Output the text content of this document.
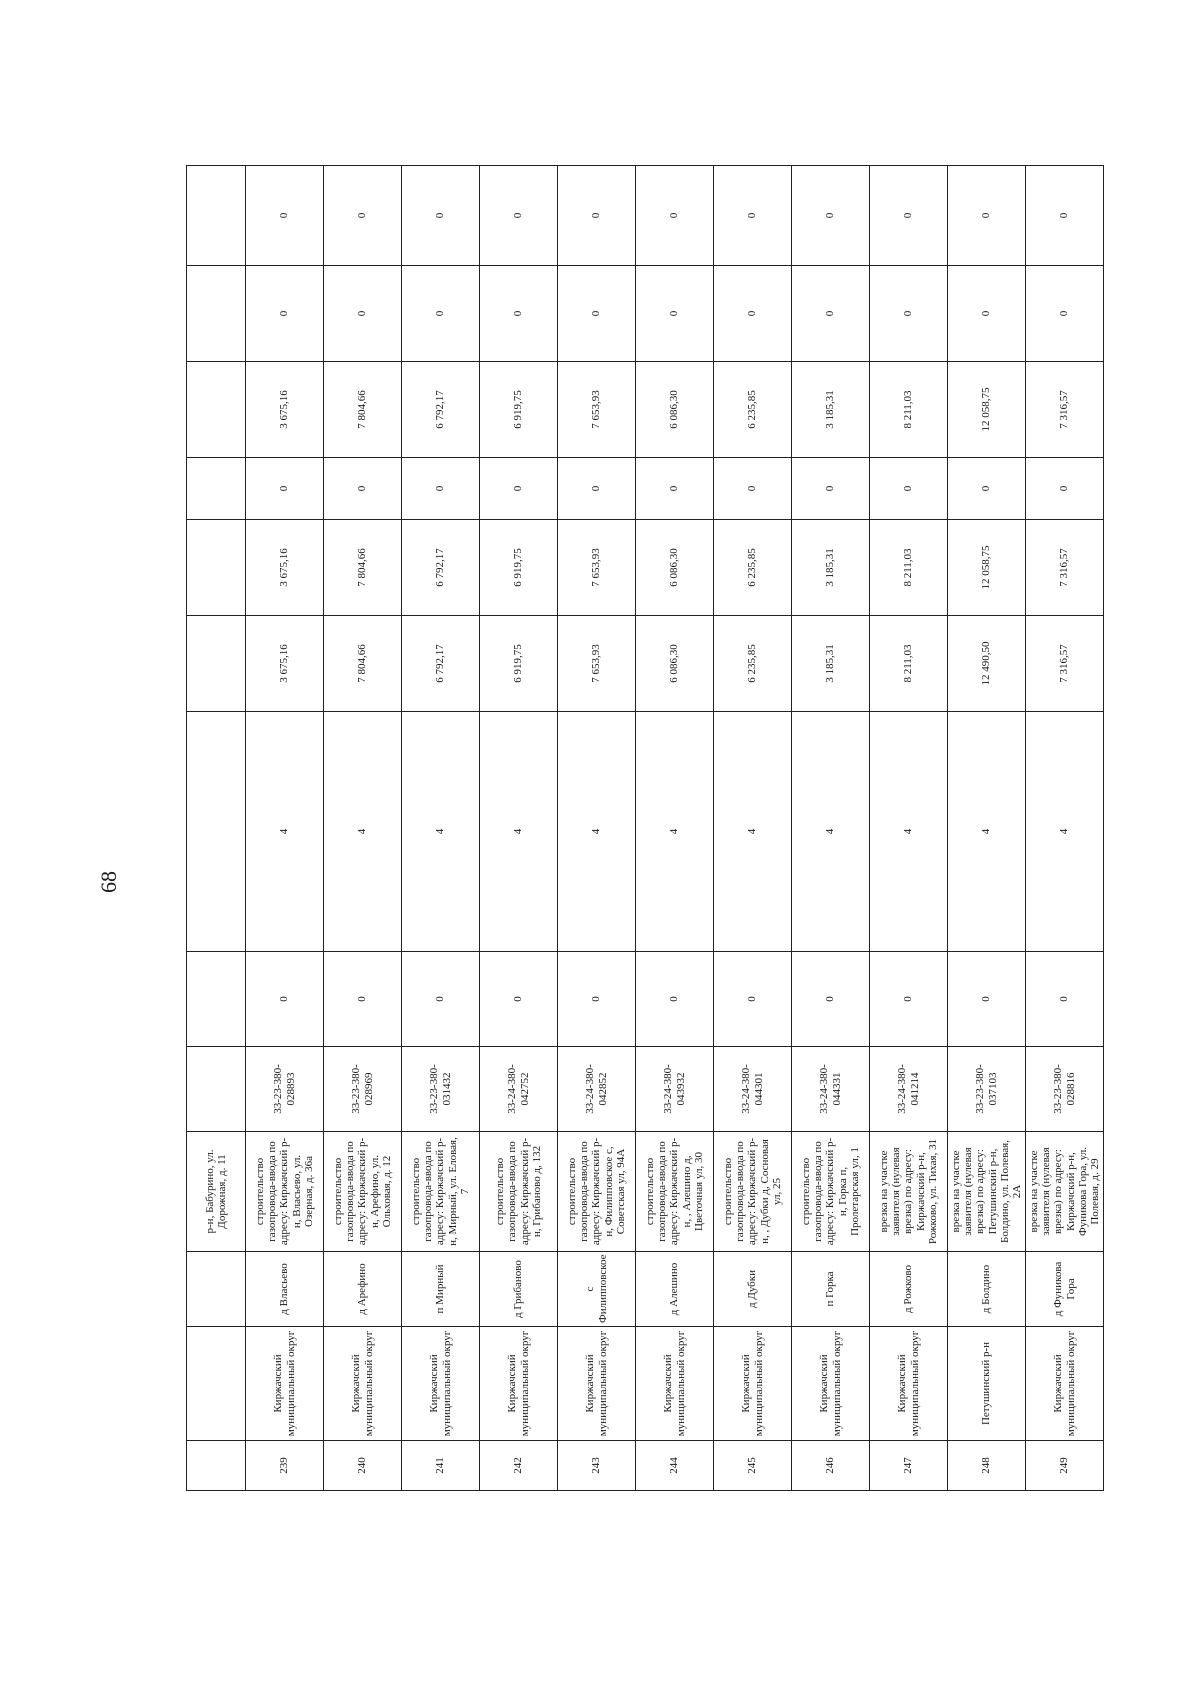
68
			р-н, Бабурино, ул. Дорожная, д. 11									
239	Киржачский муниципальный округ	д Власьево	строительство газопровода-ввода по адресу: Киржачский р-н, Власьево, ул. Озерная, д. 36а	33-23-380-028893	0	4	3 675,16	3 675,16	0	3 675,16	0	0
240	Киржачский муниципальный округ	д Арефино	строительство газопровода-ввода по адресу: Киржачский р-н, Арефино, ул. Ольховая, д. 12	33-23-380-028969	0	4	7 804,66	7 804,66	0	7 804,66	0	0
241	Киржачский муниципальный округ	п Мирный	строительство газопровода-ввода по адресу: Киржачский р-н, Мирный, ул. Еловая, 7	33-23-380-031432	0	4	6 792,17	6 792,17	0	6 792,17	0	0
242	Киржачский муниципальный округ	д Грибаново	строительство газопровода-ввода по адресу: Киржачский р-н, Грибаново д, 132	33-24-380-042752	0	4	6 919,75	6 919,75	0	6 919,75	0	0
243	Киржачский муниципальный округ	с Филипповское	строительство газопровода-ввода по адресу: Киржачский р-н, Филипповское с, Советская ул, 94А	33-24-380-042852	0	4	7 653,93	7 653,93	0	7 653,93	0	0
244	Киржачский муниципальный округ	д Алешино	строительство газопровода-ввода по адресу: Киржачский р-н, , Алешино д, Цветочная ул, 30	33-24-380-043932	0	4	6 086,30	6 086,30	0	6 086,30	0	0
245	Киржачский муниципальный округ	д Дубки	строительство газопровода-ввода по адресу: Киржачский р-н, , Дубки д, Сосновая ул, 25	33-24-380-044301	0	4	6 235,85	6 235,85	0	6 235,85	0	0
246	Киржачский муниципальный округ	п Горка	строительство газопровода-ввода по адресу: Киржачский р-н, Горка п, Пролетарская ул, 1	33-24-380-044331	0	4	3 185,31	3 185,31	0	3 185,31	0	0
247	Киржачский муниципальный округ	д Рожково	врезка на участке заявителя (нулевая врезка) по адресу: Киржачский р-н, Рожково, ул. Тихая, 31	33-24-380-041214	0	4	8 211,03	8 211,03	0	8 211,03	0	0
248	Петушинский р-н	д Болдино	врезка на участке заявителя (нулевая врезка) по адресу: Петушинский р-н, Болдино, ул. Полевая, 2А	33-23-380-037103	0	4	12 490,50	12 058,75	0	12 058,75	0	0
249	Киржачский муниципальный округ	д Фуникова Гора	врезка на участке заявителя (нулевая врезка) по адресу: Киржачский р-н, Фуникова Гора, ул. Полевая, д. 29	33-23-380-028816	0	4	7 316,57	7 316,57	0	7 316,57	0	0
